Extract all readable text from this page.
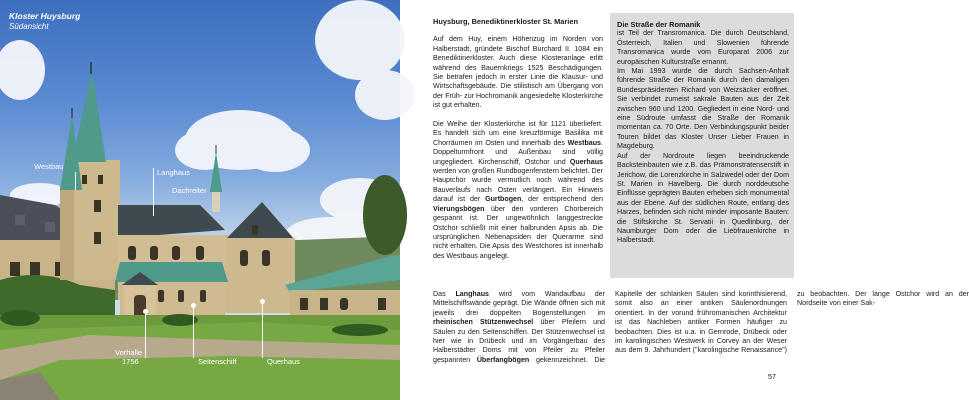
Kloster Huysburg
Südansicht
Westbau
Langhaus
Dachreiter
Vorhalle
1756	Seitenschiff	Querhaus

Huysburg, Benediktinerkloster St. Marien

Auf dem Huy, einem Höhenzug im Norden von Halberstadt, gründete Bischof Burchard II. 1084 ein Benediktinerkloster. Auch diese Klosteranlage erlitt während des Bauernkriegs 1525 Beschädigungen. Sie betrafen jedoch in erster Linie die Klausur- und Wirtschaftsgebäude. Die stilistisch am Übergang von der Früh- zur Hochromanik angesiedelte Klosterkirche ist gut erhalten.

Die Weihe der Klosterkirche ist für 1121 überliefert. Es handelt sich um eine kreuzförmige Basilika mit Chorräumen im Osten und innerhalb des Westbaus. Doppelturmfront und Außenbau sind völlig ungegliedert. Kirchenschiff, Ostchor und Querhaus werden von großen Rundbogenfenstern belichtet. Der Hauptchor wurde vermutlich noch während des Bauverlaufs nach Osten verlängert. Ein Hinweis darauf ist der Gurtbogen, der entsprechend den Vierungsbögen über den vorderen Chorbereich gespannt ist. Der ungewöhnlich langgestreckte Ostchor schließt mit einer halbrunden Apsis ab. Die ursprünglichen Nebenapsiden der Querarme sind nicht erhalten. Die Apsis des Westchores ist innerhalb des Westbaus angelegt.

Die Straße der Romanik
ist Teil der Transromanica. Die durch Deutschland, Österreich, Italien und Slowenien führende Transromanica wurde vom Europarat 2006 zur europäischen Kulturstraße ernannt.
Im Mai 1993 wurde die durch Sachsen-Anhalt führende Straße der Romanik durch den damaligen Bundespräsidenten Richard von Weizsäcker eröffnet. Sie verbindet zumeist sakrale Bauten aus der Zeit zwischen 960 und 1200. Gegliedert in eine Nord- und eine Südroute umfasst die Straße der Romanik momentan ca. 70 Orte. Den Verbindungspunkt beider Touren bildet das Kloster Unser Lieber Frauen in Magdeburg.
Auf der Nordroute liegen beeindruckende Backsteinbauten wie z.B. das Prämonstratenserstift in Jerichow, die Lorenzkirche in Salzwedel oder der Dom St. Marien in Havelberg. Die durch norddeutsche Einflüsse geprägten Bauten erheben sich monumental aus der Ebene. Auf der südlichen Route, entlang des Harzes, befinden sich nicht minder imposante Bauten: die Stiftskirche St. Servatii in Quedlinburg, der Naumburger Dom oder die Liebfrauenkirche in Halberstadt.

Das Langhaus wird vom Wandaufbau der Mittelschiffswände geprägt. Die Wände öffnen sich mit jeweils drei doppelten Bogenstellungen im rheinischen Stützenwechsel über Pfeilern und Säulen zu den Seitenschiffen. Der Stützenwechsel ist hier wie in Drübeck und im Vorgängerbau des Halberstädter Doms mit von Pfeiler zu Pfeiler gespannten Überfangbögen gekennzeichnet. Die Kapitelle der schlanken Säulen sind korinthisierend, somit also an einer antiken Säulenordnungen orientiert. In der vorund frühromanischen Architektur ist das Nachleben antiker Formen häufiger zu beobachten. Dies ist u.a. in Gernrode, Drübeck oder im karolingischen Westwerk in Corvey an der Weser aus dem 9. Jahrhundert ("karolingische Renaissance") zu beobachten. Der lange Ostchor wird an der Nordseite von einer Sak-

57
